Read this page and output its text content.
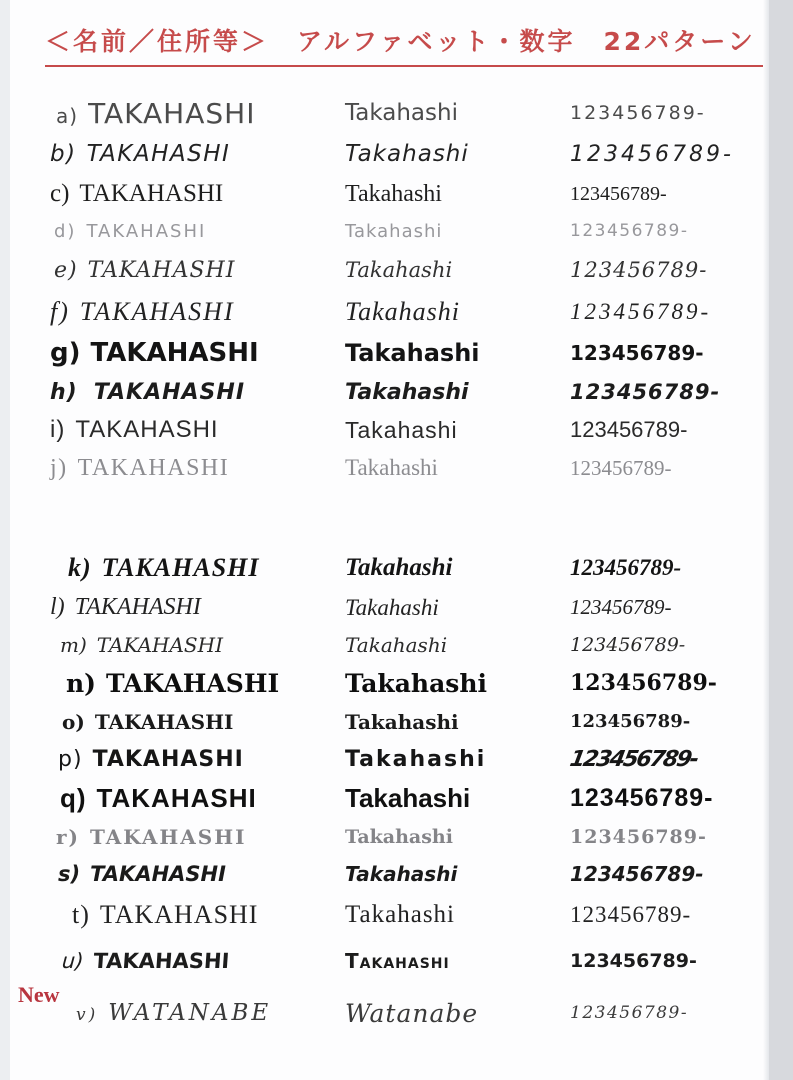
＜名前／住所等＞　アルファベット・数字　22パターン
a) TAKAHASHI	Takahashi	123456789-
b) TAKAHASHI	Takahashi	123456789-
c) TAKAHASHI	Takahashi	123456789-
d) TAKAHASHI	Takahashi	123456789-
e) TAKAHASHI	Takahashi	123456789-
f) TAKAHASHI	Takahashi	123456789-
g) TAKAHASHI	Takahashi	123456789-
h) TAKAHASHI	Takahashi	123456789-
i) TAKAHASHI	Takahashi	123456789-
j) TAKAHASHI	Takahashi	123456789-
k) TAKAHASHI	Takahashi	123456789-
l) TAKAHASHI	Takahashi	123456789-
m) TAKAHASHI	Takahashi	123456789-
n) TAKAHASHI	Takahashi	123456789-
o) TAKAHASHI	Takahashi	123456789-
p) TAKAHASHI	Takahashi	123456789-
q) TAKAHASHI	Takahashi	123456789-
r) TAKAHASHI	Takahashi	123456789-
s) TAKAHASHI	Takahashi	123456789-
t) TAKAHASHI	Takahashi	123456789-
u) TAKAHASHI	Takahashi	123456789-
v) WATANABE	Watanabe	123456789-
New
